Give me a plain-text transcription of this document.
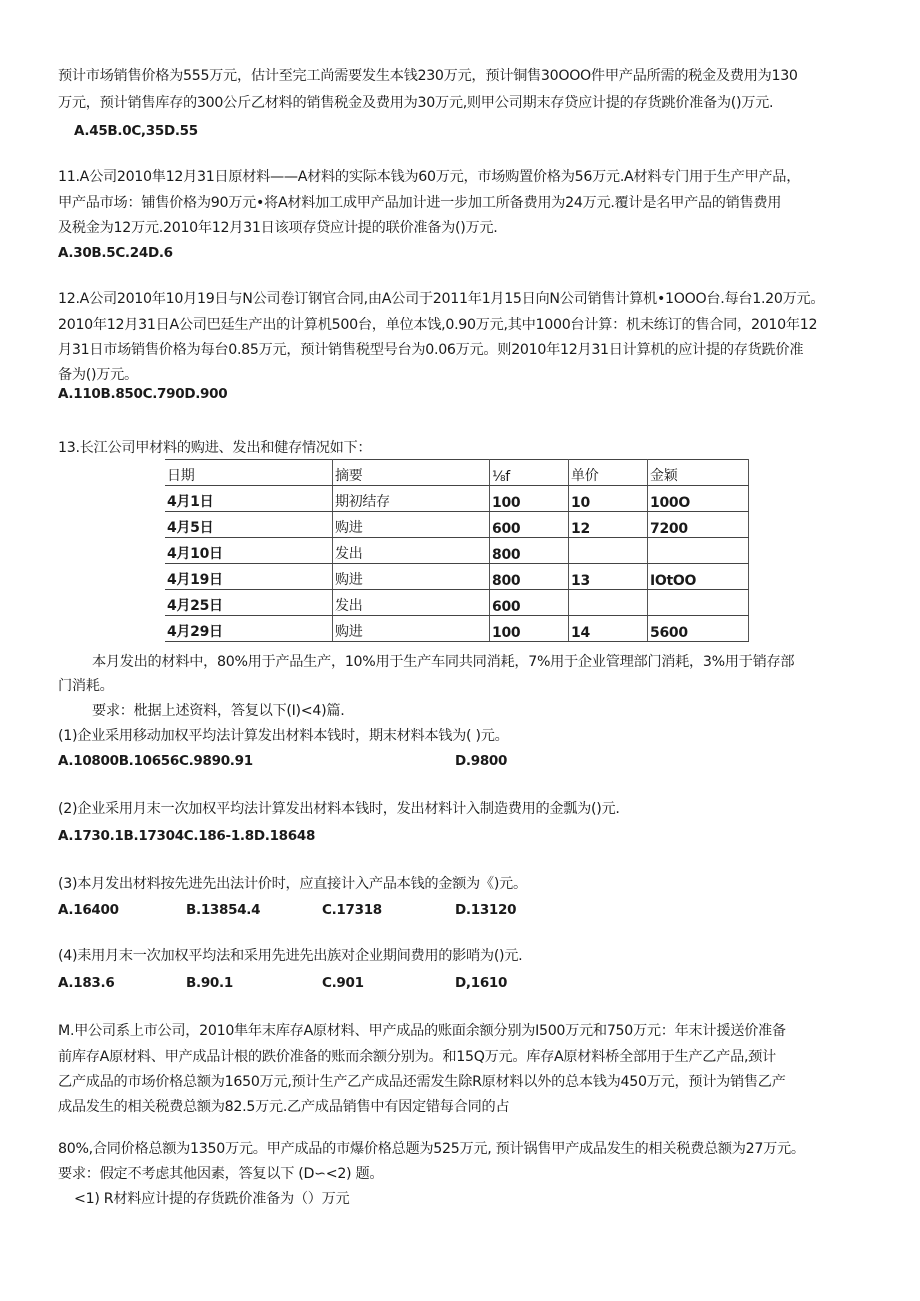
预计市场销售价格为555万元，估计至完工尚需要发生本钱230万元，预计铜售30OOO件甲产品所需的税金及费用为130
万元，预计销售库存的300公斤乙材料的销售税金及费用为30万元,则甲公司期末存贷应计提的存货跳价准备为()万元.
A.45B.0C,35D.55
11.A公司2010隼12月31日原材料——A材料的实际本钱为60万元，市场购置价格为56万元.A材料专门用于生产甲产品，
甲产品市场：铺售价格为90万元•将A材料加工成甲产品加计进一步加工所备费用为24万元.覆计是名甲产品的销售费用
及税金为12万元.2010年12月31日该项存贷应计提的联价准备为()万元.
A.30B.5C.24D.6
12.A公司2010年10月19日与N公司卷订钢官合同,由A公司于2011年1月15日向N公司销售计算机•1OOO台.每台1.20万元。
2010年12月31日A公司巴廷生产出的计算机500台，单位本饯,0.90万元,其中1000台计算：机未练订的售合同，2010年12
月31日市场销售价格为每台0.85万元，预计销售税型号台为0.06万元。则2010年12月31日计算机的应计提的存货跣价准
备为()万元。
A.110B.850C.790D.900
13.长江公司甲材料的购进、发出和健存情况如下：
日期	摘要	⅛f	单价	金颖
4月1日	期初结存	100	10	100O
4月5日	购进	600	12	7200
4月10日	发出	800		
4月19日	购进	800	13	IOtOO
4月25日	发出	600		
4月29日	购进	100	14	5600
本月发出的材料中，80%用于产品生产，10%用于生产车同共同消耗，7%用于企业管理部门消耗，3%用于销存部
门消耗。
要求：枇据上述资料，答复以下(I)<4)篇.
(1)企业采用移动加权平均法计算发出材料本钱时，期末材料本钱为( )元。
A.10800B.10656C.9890.91	D.9800
(2)企业采用月末一次加权平均法计算发出材料本钱时，发出材料计入制造费用的金瓢为()元.
A.1730.1B.17304C.186-1.8D.18648
(3)本月发出材料按先进先出法计价时，应直接计入产品本钱的金额为《)元。
A.16400	B.13854.4	C.17318	D.13120
(4)耒用月末一次加权平均法和采用先进先出族对企业期间费用的影哨为()元.
A.183.6	B.90.1	C.901	D,1610
M.甲公司系上市公司，2010隼年末库存A原材料、甲产成品的账面余额分别为I500万元和750万元：年末计援送价准备
前库存A原材料、甲产成品计根的跌价准备的账而余额分别为。和15Q万元。库存A原材料桥全部用于生产乙产品,颈计
乙产成品的市场价格总额为1650万元,预计生产乙产成品还需发生除R原材料以外的总本钱为450万元，预计为销售乙产
成品发生的相关税费总额为82.5万元.乙产成品销售中有因定错每合同的占
80%,合同价格总额为1350万元。甲产成品的市爆价格总题为525万元, 预计锅售甲产成品发生的相关税费总额为27万元。
要求：假定不考虑其他因素，答复以下 (D∽<2) 题。
<1) R材料应计提的存货跣价准备为（）万元
